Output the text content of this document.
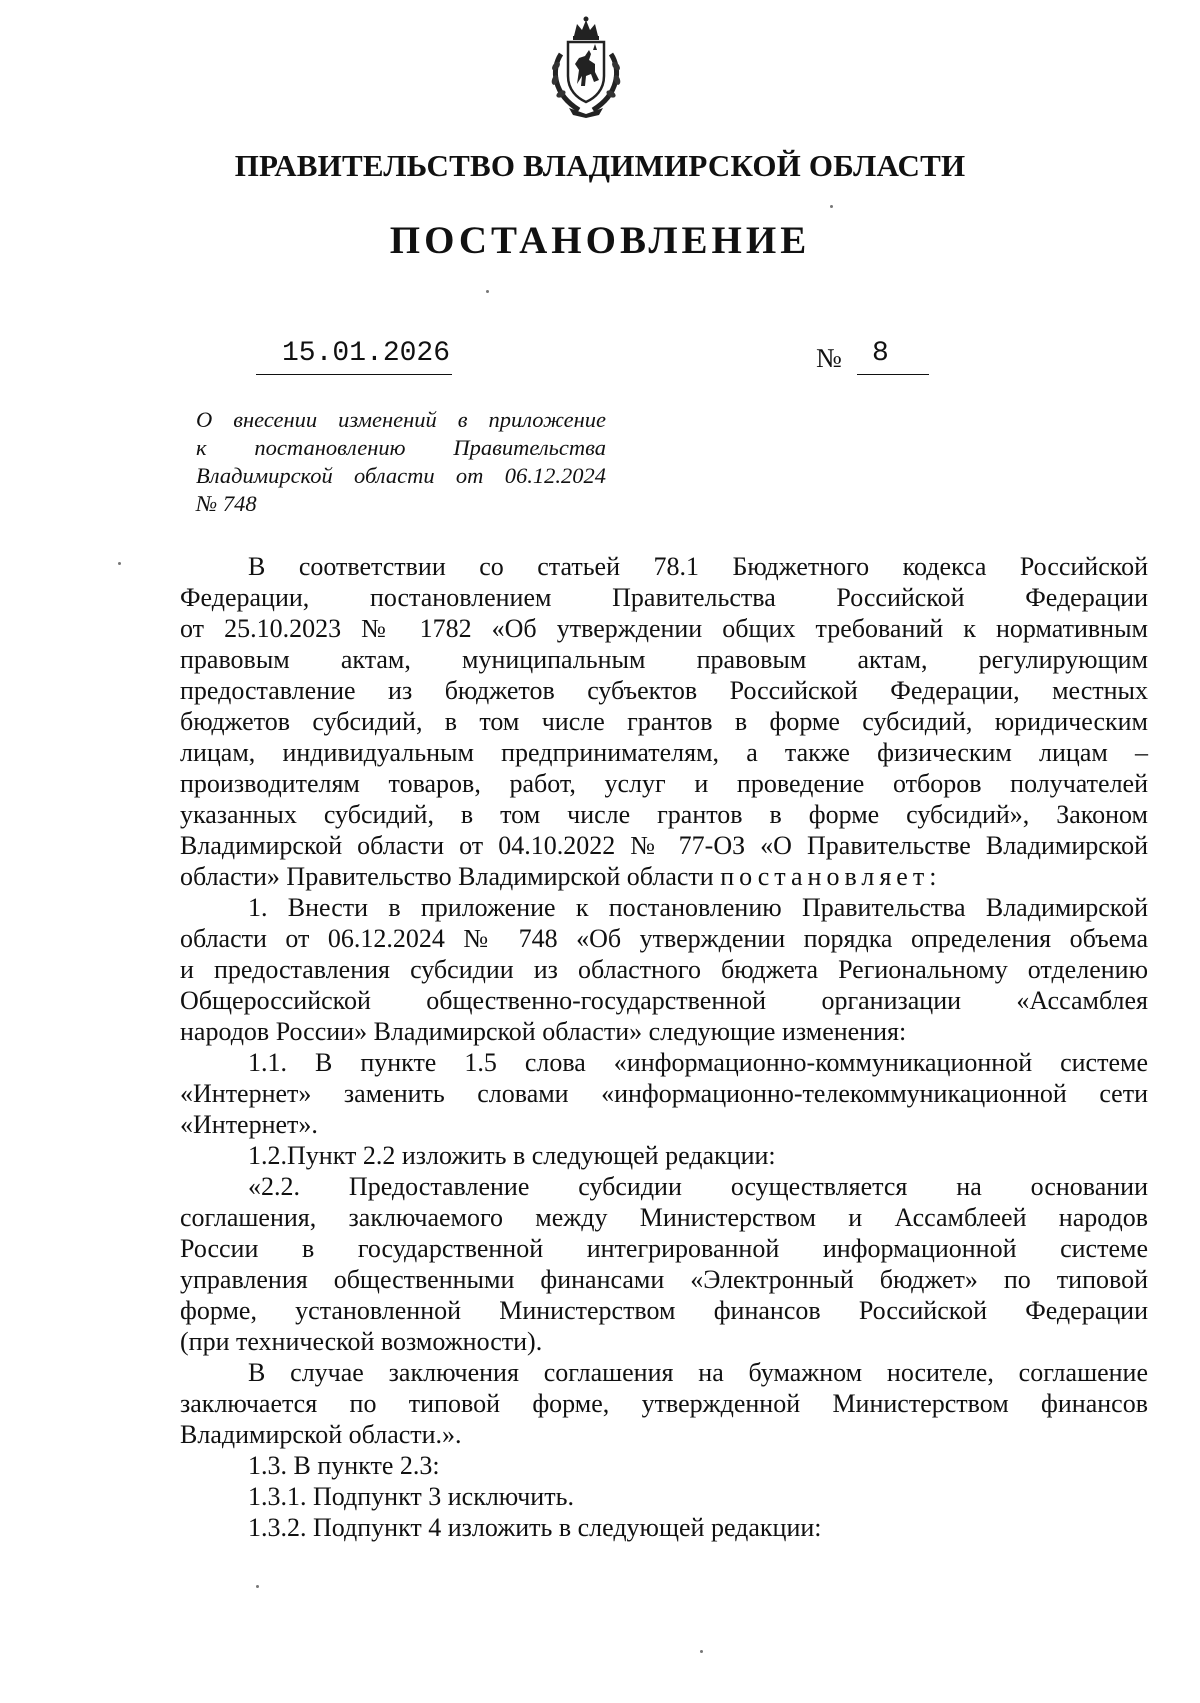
ПРАВИТЕЛЬСТВО ВЛАДИМИРСКОЙ ОБЛАСТИ
ПОСТАНОВЛЕНИЕ
15.01.2026	№ 8
О внесении изменений в приложение
к постановлению Правительства
Владимирской области от 06.12.2024
№ 748

В соответствии со статьей 78.1 Бюджетного кодекса Российской
Федерации, постановлением Правительства Российской Федерации
от 25.10.2023 № 1782 «Об утверждении общих требований к нормативным
правовым актам, муниципальным правовым актам, регулирующим
предоставление из бюджетов субъектов Российской Федерации, местных
бюджетов субсидий, в том числе грантов в форме субсидий, юридическим
лицам, индивидуальным предпринимателям, а также физическим лицам –
производителям товаров, работ, услуг и проведение отборов получателей
указанных субсидий, в том числе грантов в форме субсидий», Законом
Владимирской области от 04.10.2022 № 77-ОЗ «О Правительстве Владимирской
области» Правительство Владимирской области постановляет:

1. Внести в приложение к постановлению Правительства Владимирской
области от 06.12.2024 № 748 «Об утверждении порядка определения объема
и предоставления субсидии из областного бюджета Региональному отделению
Общероссийской общественно-государственной организации «Ассамблея
народов России» Владимирской области» следующие изменения:

1.1. В пункте 1.5 слова «информационно-коммуникационной системе
«Интернет» заменить словами «информационно-телекоммуникационной сети
«Интернет».

1.2.Пункт 2.2 изложить в следующей редакции:

«2.2. Предоставление субсидии осуществляется на основании
соглашения, заключаемого между Министерством и Ассамблеей народов
России в государственной интегрированной информационной системе
управления общественными финансами «Электронный бюджет» по типовой
форме, установленной Министерством финансов Российской Федерации
(при технической возможности).

В случае заключения соглашения на бумажном носителе, соглашение
заключается по типовой форме, утвержденной Министерством финансов
Владимирской области.».

1.3. В пункте 2.3:

1.3.1. Подпункт 3 исключить.

1.3.2. Подпункт 4 изложить в следующей редакции:
